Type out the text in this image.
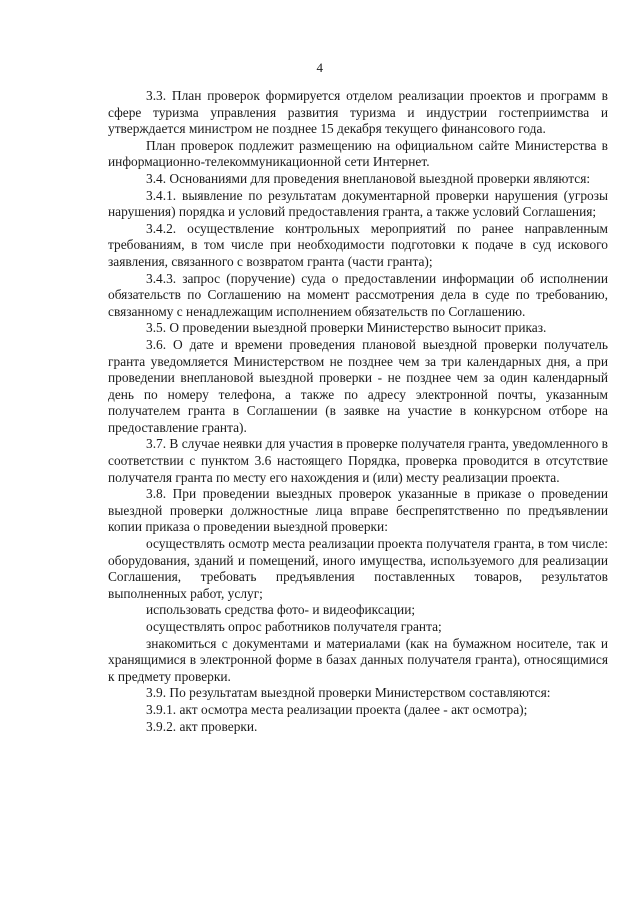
4

3.3. План проверок формируется отделом реализации проектов и программ в сфере туризма управления развития туризма и индустрии гостеприимства и утверждается министром не позднее 15 декабря текущего финансового года.

План проверок подлежит размещению на официальном сайте Министерства в информационно-телекоммуникационной сети Интернет.

3.4. Основаниями для проведения внеплановой выездной проверки являются:

3.4.1. выявление по результатам документарной проверки нарушения (угрозы нарушения) порядка и условий предоставления гранта, а также условий Соглашения;

3.4.2. осуществление контрольных мероприятий по ранее направленным требованиям, в том числе при необходимости подготовки к подаче в суд искового заявления, связанного с возвратом гранта (части гранта);

3.4.3. запрос (поручение) суда о предоставлении информации об исполнении обязательств по Соглашению на момент рассмотрения дела в суде по требованию, связанному с ненадлежащим исполнением обязательств по Соглашению.

3.5. О проведении выездной проверки Министерство выносит приказ.

3.6. О дате и времени проведения плановой выездной проверки получатель гранта уведомляется Министерством не позднее чем за три календарных дня, а при проведении внеплановой выездной проверки - не позднее чем за один календарный день по номеру телефона, а также по адресу электронной почты, указанным получателем гранта в Соглашении (в заявке на участие в конкурсном отборе на предоставление гранта).

3.7. В случае неявки для участия в проверке получателя гранта, уведомленного в соответствии с пунктом 3.6 настоящего Порядка, проверка проводится в отсутствие получателя гранта по месту его нахождения и (или) месту реализации проекта.

3.8. При проведении выездных проверок указанные в приказе о проведении выездной проверки должностные лица вправе беспрепятственно по предъявлении копии приказа о проведении выездной проверки:

осуществлять осмотр места реализации проекта получателя гранта, в том числе: оборудования, зданий и помещений, иного имущества, используемого для реализации Соглашения, требовать предъявления поставленных товаров, результатов выполненных работ, услуг;

использовать средства фото- и видеофиксации;

осуществлять опрос работников получателя гранта;

знакомиться с документами и материалами (как на бумажном носителе, так и хранящимися в электронной форме в базах данных получателя гранта), относящимися к предмету проверки.

3.9. По результатам выездной проверки Министерством составляются:

3.9.1. акт осмотра места реализации проекта (далее - акт осмотра);

3.9.2. акт проверки.
